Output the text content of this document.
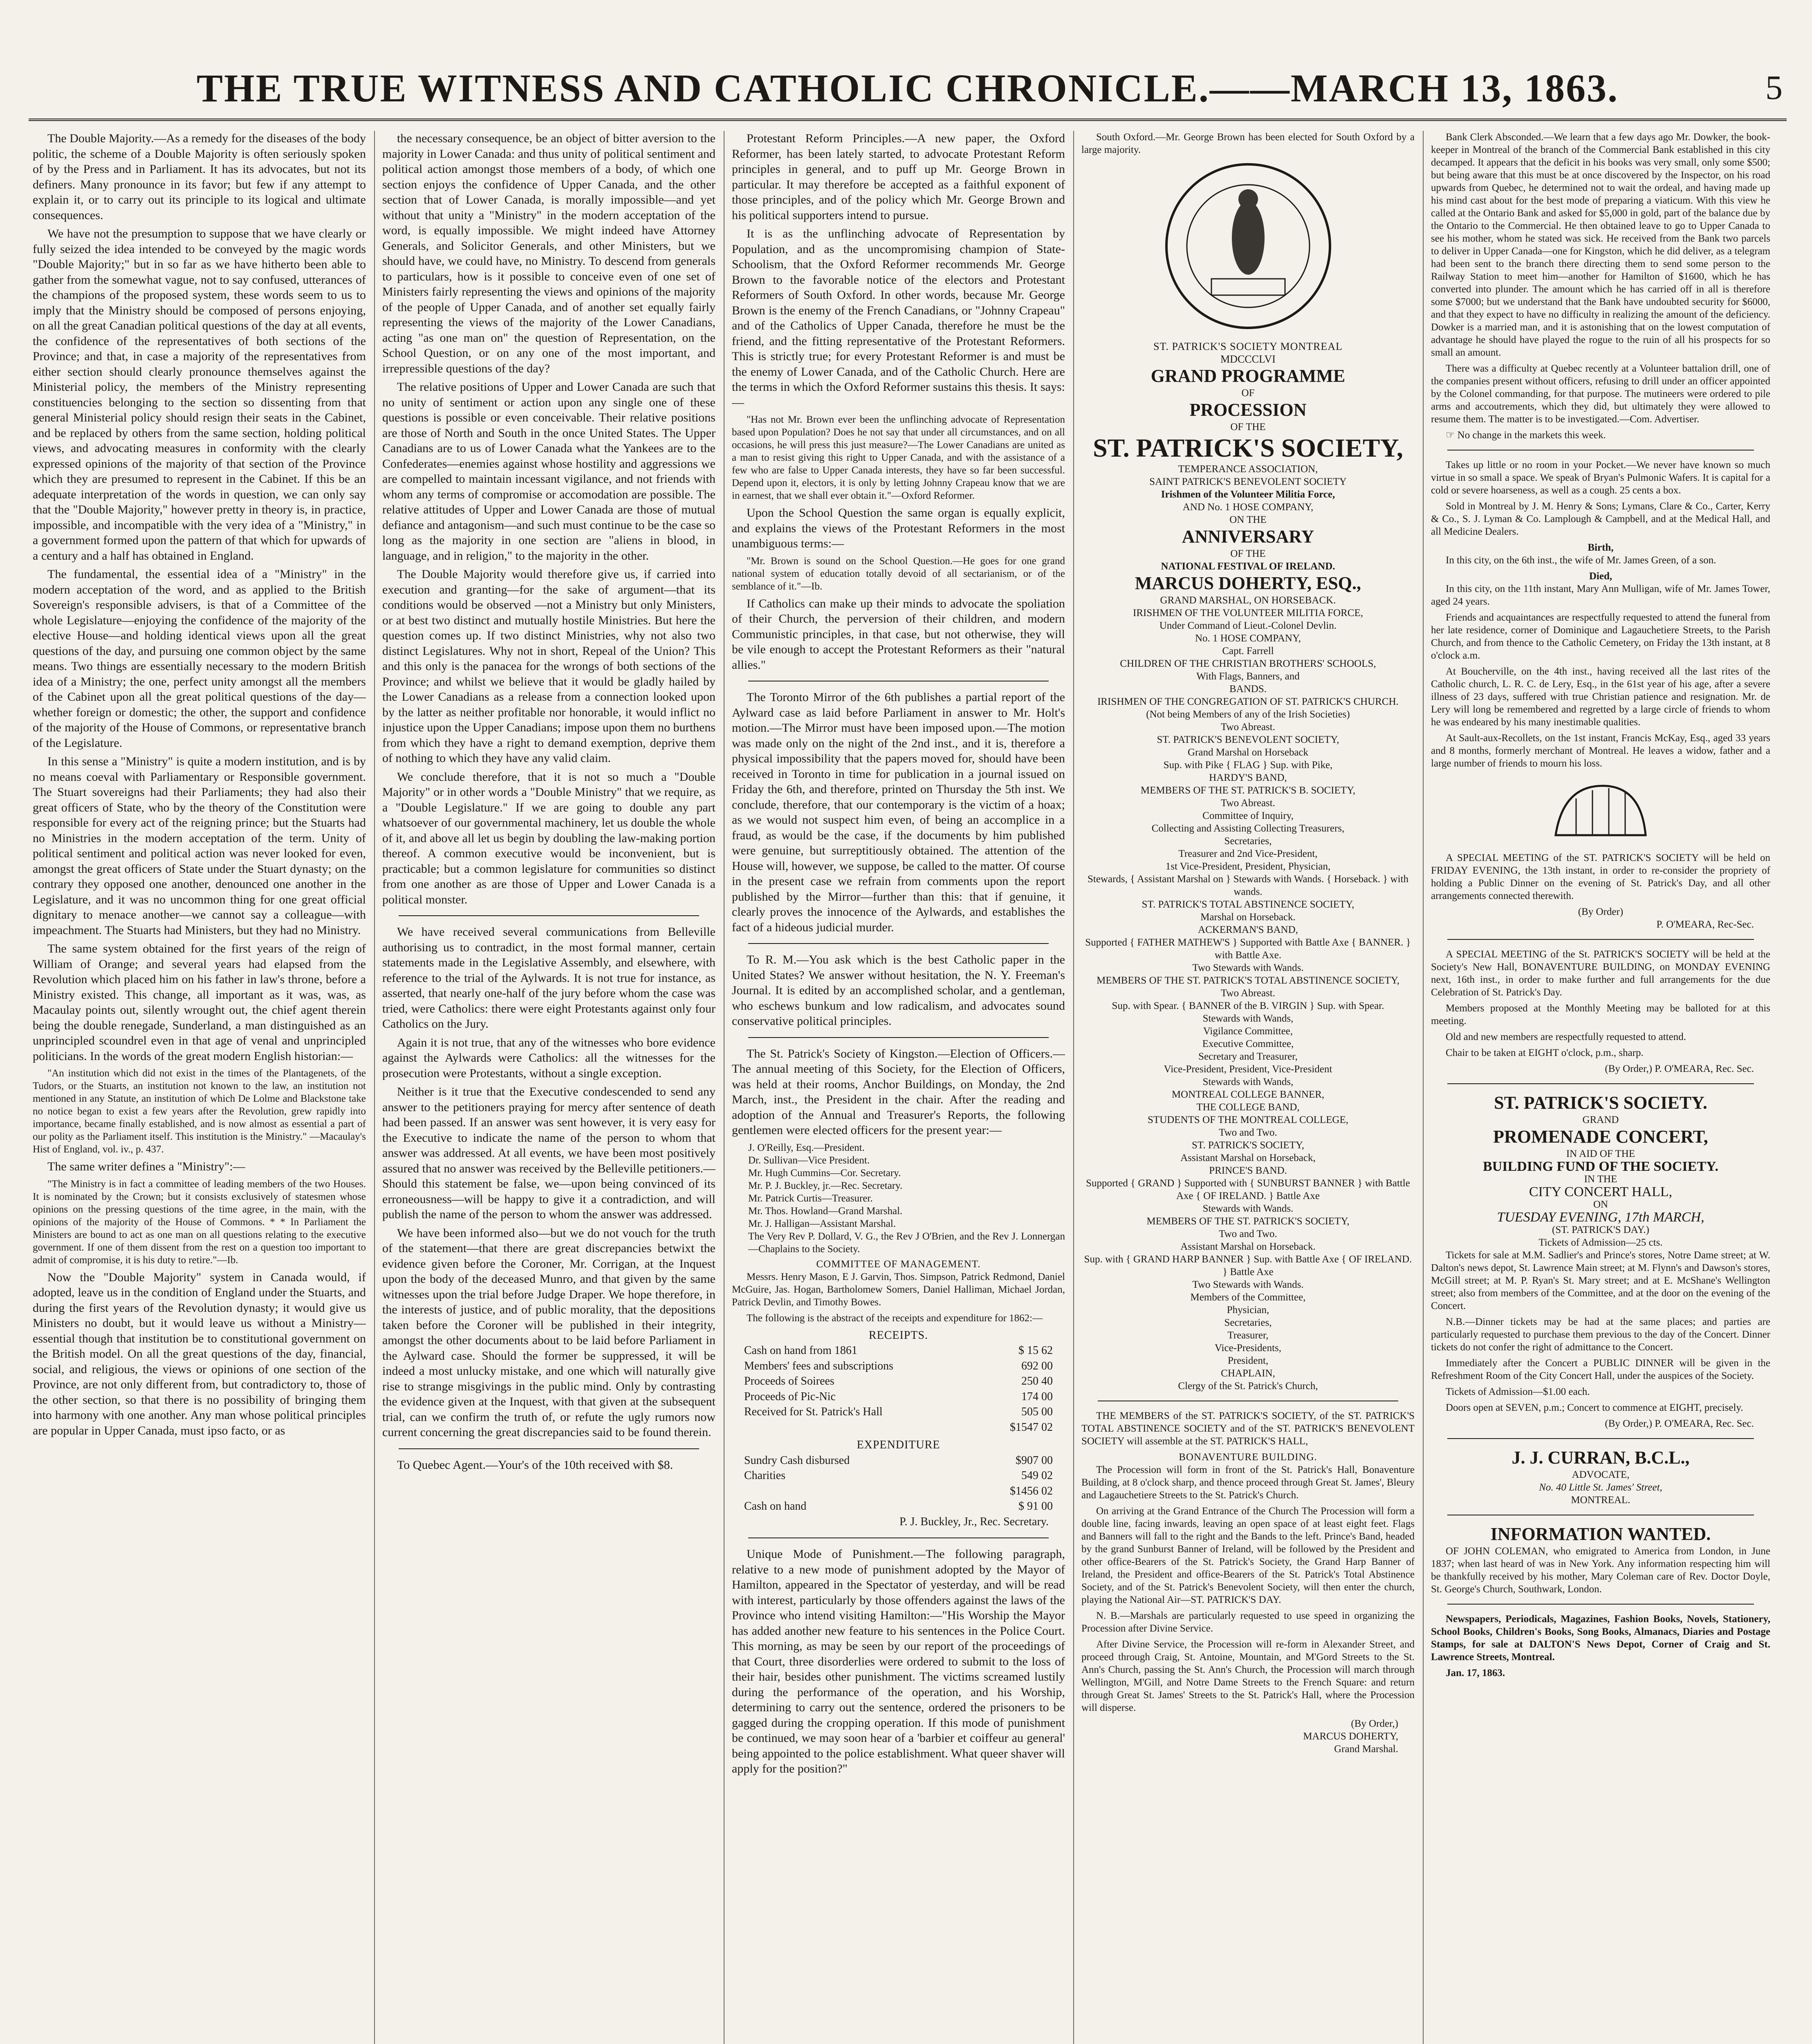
THE TRUE WITNESS AND CATHOLIC CHRONICLE.——MARCH 13, 1863.	5

The Double Majority.—As a remedy for the diseases of the body politic, the scheme of a Double Majority is often seriously spoken of by the Press and in Parliament. It has its advocates, but not its definers. Many pronounce in its favor; but few if any attempt to explain it, or to carry out its principle to its logical and ultimate consequences.

We have not the presumption to suppose that we have clearly or fully seized the idea intended to be conveyed by the magic words "Double Majority;" but in so far as we have hitherto been able to gather from the somewhat vague, not to say confused, utterances of the champions of the proposed system, these words seem to us to imply that the Ministry should be composed of persons enjoying, on all the great Canadian political questions of the day at all events, the confidence of the representatives of both sections of the Province; and that, in case a majority of the representatives from either section should clearly pronounce themselves against the Ministerial policy, the members of the Ministry representing constituencies belonging to the section so dissenting from that general Ministerial policy should resign their seats in the Cabinet, and be replaced by others from the same section, holding political views, and advocating measures in conformity with the clearly expressed opinions of the majority of that section of the Province which they are presumed to represent in the Cabinet. If this be an adequate interpretation of the words in question, we can only say that the "Double Majority," however pretty in theory is, in practice, impossible, and incompatible with the very idea of a "Ministry," in a government formed upon the pattern of that which for upwards of a century and a half has obtained in England.

The fundamental, the essential idea of a "Ministry" in the modern acceptation of the word, and as applied to the British Sovereign's responsible advisers, is that of a Committee of the whole Legislature—enjoying the confidence of the majority of the elective House—and holding identical views upon all the great questions of the day, and pursuing one common object by the same means. Two things are essentially necessary to the modern British idea of a Ministry; the one, perfect unity amongst all the members of the Cabinet upon all the great political questions of the day—whether foreign or domestic; the other, the support and confidence of the majority of the House of Commons, or representative branch of the Legislature.

In this sense a "Ministry" is quite a modern institution, and is by no means coeval with Parliamentary or Responsible government. The Stuart sovereigns had their Parliaments; they had also their great officers of State, who by the theory of the Constitution were responsible for every act of the reigning prince; but the Stuarts had no Ministries in the modern acceptation of the term. Unity of political sentiment and political action was never looked for even, amongst the great officers of State under the Stuart dynasty; on the contrary they opposed one another, denounced one another in the Legislature, and it was no uncommon thing for one great official dignitary to menace another—we cannot say a colleague—with impeachment. The Stuarts had Ministers, but they had no Ministry.

The same system obtained for the first years of the reign of William of Orange; and several years had elapsed from the Revolution which placed him on his father in law's throne, before a Ministry existed. This change, all important as it was, was, as Macaulay points out, silently wrought out, the chief agent therein being the double renegade, Sunderland, a man distinguished as an unprincipled scoundrel even in that age of venal and unprincipled politicians. In the words of the great modern English historian:—

"An institution which did not exist in the times of the Plantagenets, of the Tudors, or the Stuarts, an institution not known to the law, an institution not mentioned in any Statute, an institution of which De Lolme and Blackstone take no notice began to exist a few years after the Revolution, grew rapidly into importance, became finally established, and is now almost as essential a part of our polity as the Parliament itself. This institution is the Ministry." —Macaulay's Hist of England, vol. iv., p. 437.

The same writer defines a "Ministry":—

"The Ministry is in fact a committee of leading members of the two Houses. It is nominated by the Crown; but it consists exclusively of statesmen whose opinions on the pressing questions of the time agree, in the main, with the opinions of the majority of the House of Commons. * * In Parliament the Ministers are bound to act as one man on all questions relating to the executive government. If one of them dissent from the rest on a question too important to admit of compromise, it is his duty to retire."—Ib.

Now the "Double Majority" system in Canada would, if adopted, leave us in the condition of England under the Stuarts, and during the first years of the Revolution dynasty; it would give us Ministers no doubt, but it would leave us without a Ministry—essential though that institution be to constitutional government on the British model. On all the great questions of the day, financial, social, and religious, the views or opinions of one section of the Province, are not only different from, but contradictory to, those of the other section, so that there is no possibility of bringing them into harmony with one another. Any man whose political principles are popular in Upper Canada, must ipso facto, or as

the necessary consequence, be an object of bitter aversion to the majority in Lower Canada: and thus unity of political sentiment and political action amongst those members of a body, of which one section enjoys the confidence of Upper Canada, and the other section that of Lower Canada, is morally impossible—and yet without that unity a "Ministry" in the modern acceptation of the word, is equally impossible. We might indeed have Attorney Generals, and Solicitor Generals, and other Ministers, but we should have, we could have, no Ministry. To descend from generals to particulars, how is it possible to conceive even of one set of Ministers fairly representing the views and opinions of the majority of the people of Upper Canada, and of another set equally fairly representing the views of the majority of the Lower Canadians, acting "as one man on" the question of Representation, on the School Question, or on any one of the most important, and irrepressible questions of the day?

The relative positions of Upper and Lower Canada are such that no unity of sentiment or action upon any single one of these questions is possible or even conceivable. Their relative positions are those of North and South in the once United States. The Upper Canadians are to us of Lower Canada what the Yankees are to the Confederates—enemies against whose hostility and aggressions we are compelled to maintain incessant vigilance, and not friends with whom any terms of compromise or accomodation are possible. The relative attitudes of Upper and Lower Canada are those of mutual defiance and antagonism—and such must continue to be the case so long as the majority in one section are "aliens in blood, in language, and in religion," to the majority in the other.

The Double Majority would therefore give us, if carried into execution and granting—for the sake of argument—that its conditions would be observed —not a Ministry but only Ministers, or at best two distinct and mutually hostile Ministries. But here the question comes up. If two distinct Ministries, why not also two distinct Legislatures. Why not in short, Repeal of the Union? This and this only is the panacea for the wrongs of both sections of the Province; and whilst we believe that it would be gladly hailed by the Lower Canadians as a release from a connection looked upon by the latter as neither profitable nor honorable, it would inflict no injustice upon the Upper Canadians; impose upon them no burthens from which they have a right to demand exemption, deprive them of nothing to which they have any valid claim.

We conclude therefore, that it is not so much a "Double Majority" or in other words a "Double Ministry" that we require, as a "Double Legislature." If we are going to double any part whatsoever of our governmental machinery, let us double the whole of it, and above all let us begin by doubling the law-making portion thereof. A common executive would be inconvenient, but is practicable; but a common legislature for communities so distinct from one another as are those of Upper and Lower Canada is a political monster.

We have received several communications from Belleville authorising us to contradict, in the most formal manner, certain statements made in the Legislative Assembly, and elsewhere, with reference to the trial of the Aylwards. It is not true for instance, as asserted, that nearly one-half of the jury before whom the case was tried, were Catholics: there were eight Protestants against only four Catholics on the Jury.

Again it is not true, that any of the witnesses who bore evidence against the Aylwards were Catholics: all the witnesses for the prosecution were Protestants, without a single exception.

Neither is it true that the Executive condescended to send any answer to the petitioners praying for mercy after sentence of death had been passed. If an answer was sent however, it is very easy for the Executive to indicate the name of the person to whom that answer was addressed. At all events, we have been most positively assured that no answer was received by the Belleville petitioners.—Should this statement be false, we—upon being convinced of its erroneousness—will be happy to give it a contradiction, and will publish the name of the person to whom the answer was addressed.

We have been informed also—but we do not vouch for the truth of the statement—that there are great discrepancies betwixt the evidence given before the Coroner, Mr. Corrigan, at the Inquest upon the body of the deceased Munro, and that given by the same witnesses upon the trial before Judge Draper. We hope therefore, in the interests of justice, and of public morality, that the depositions taken before the Coroner will be published in their integrity, amongst the other documents about to be laid before Parliament in the Aylward case. Should the former be suppressed, it will be indeed a most unlucky mistake, and one which will naturally give rise to strange misgivings in the public mind. Only by contrasting the evidence given at the Inquest, with that given at the subsequent trial, can we confirm the truth of, or refute the ugly rumors now current concerning the great discrepancies said to be found therein.

To Quebec Agent.—Your's of the 10th received with $8.

Protestant Reform Principles.—A new paper, the Oxford Reformer, has been lately started, to advocate Protestant Reform principles in general, and to puff up Mr. George Brown in particular. It may therefore be accepted as a faithful exponent of those principles, and of the policy which Mr. George Brown and his political supporters intend to pursue.

It is as the unflinching advocate of Representation by Population, and as the uncompromising champion of State-Schoolism, that the Oxford Reformer recommends Mr. George Brown to the favorable notice of the electors and Protestant Reformers of South Oxford. In other words, because Mr. George Brown is the enemy of the French Canadians, or "Johnny Crapeau" and of the Catholics of Upper Canada, therefore he must be the friend, and the fitting representative of the Protestant Reformers. This is strictly true; for every Protestant Reformer is and must be the enemy of Lower Canada, and of the Catholic Church. Here are the terms in which the Oxford Reformer sustains this thesis. It says:—

"Has not Mr. Brown ever been the unflinching advocate of Representation based upon Population? Does he not say that under all circumstances, and on all occasions, he will press this just measure?—The Lower Canadians are united as a man to resist giving this right to Upper Canada, and with the assistance of a few who are false to Upper Canada interests, they have so far been successful. Depend upon it, electors, it is only by letting Johnny Crapeau know that we are in earnest, that we shall ever obtain it."—Oxford Reformer.

Upon the School Question the same organ is equally explicit, and explains the views of the Protestant Reformers in the most unambiguous terms:—

"Mr. Brown is sound on the School Question.—He goes for one grand national system of education totally devoid of all sectarianism, or of the semblance of it."—Ib.

If Catholics can make up their minds to advocate the spoliation of their Church, the perversion of their children, and modern Communistic principles, in that case, but not otherwise, they will be vile enough to accept the Protestant Reformers as their "natural allies."

The Toronto Mirror of the 6th publishes a partial report of the Aylward case as laid before Parliament in answer to Mr. Holt's motion.—The Mirror must have been imposed upon.—The motion was made only on the night of the 2nd inst., and it is, therefore a physical impossibility that the papers moved for, should have been received in Toronto in time for publication in a journal issued on Friday the 6th, and therefore, printed on Thursday the 5th inst. We conclude, therefore, that our contemporary is the victim of a hoax; as we would not suspect him even, of being an accomplice in a fraud, as would be the case, if the documents by him published were genuine, but surreptitiously obtained. The attention of the House will, however, we suppose, be called to the matter. Of course in the present case we refrain from comments upon the report published by the Mirror—further than this: that if genuine, it clearly proves the innocence of the Aylwards, and establishes the fact of a hideous judicial murder.

To R. M.—You ask which is the best Catholic paper in the United States? We answer without hesitation, the N. Y. Freeman's Journal. It is edited by an accomplished scholar, and a gentleman, who eschews bunkum and low radicalism, and advocates sound conservative political principles.

The St. Patrick's Society of Kingston.—Election of Officers.—The annual meeting of this Society, for the Election of Officers, was held at their rooms, Anchor Buildings, on Monday, the 2nd March, inst., the President in the chair. After the reading and adoption of the Annual and Treasurer's Reports, the following gentlemen were elected officers for the present year:—

J. O'Reilly, Esq.—President.
Dr. Sullivan—Vice President.
Mr. Hugh Cummins—Cor. Secretary.
Mr. P. J. Buckley, jr.—Rec. Secretary.
Mr. Patrick Curtis—Treasurer.
Mr. Thos. Howland—Grand Marshal.
Mr. J. Halligan—Assistant Marshal.
The Very Rev P. Dollard, V. G., the Rev J O'Brien, and the Rev J. Lonnergan—Chaplains to the Society.
COMMITTEE OF MANAGEMENT.

Messrs. Henry Mason, E J. Garvin, Thos. Simpson, Patrick Redmond, Daniel McGuire, Jas. Hogan, Bartholomew Somers, Daniel Halliman, Michael Jordan, Patrick Devlin, and Timothy Bowes.

The following is the abstract of the receipts and expenditure for 1862:—

RECEIPTS.
Cash on hand from 1861	$ 15 62
Members' fees and subscriptions	692 00
Proceeds of Soirees	250 40
Proceeds of Pic-Nic	174 00
Received for St. Patrick's Hall	505 00
$1547 02
EXPENDITURE
Sundry Cash disbursed	$907 00
Charities	549 02
$1456 02
Cash on hand	$ 91 00
P. J. Buckley, Jr., Rec. Secretary.

Unique Mode of Punishment.—The following paragraph, relative to a new mode of punishment adopted by the Mayor of Hamilton, appeared in the Spectator of yesterday, and will be read with interest, particularly by those offenders against the laws of the Province who intend visiting Hamilton:—"His Worship the Mayor has added another new feature to his sentences in the Police Court. This morning, as may be seen by our report of the proceedings of that Court, three disorderlies were ordered to submit to the loss of their hair, besides other punishment. The victims screamed lustily during the performance of the operation, and his Worship, determining to carry out the sentence, ordered the prisoners to be gagged during the cropping operation. If this mode of punishment be continued, we may soon hear of a 'barbier et coiffeur au general' being appointed to the police establishment. What queer shaver will apply for the position?"

South Oxford.—Mr. George Brown has been elected for South Oxford by a large majority.

ST. PATRICK'S SOCIETY MONTREAL
MDCCCLVI
GRAND PROGRAMME
OF
PROCESSION
OF THE
ST. PATRICK'S SOCIETY,
TEMPERANCE ASSOCIATION,
SAINT PATRICK'S BENEVOLENT SOCIETY
Irishmen of the Volunteer Militia Force,
AND No. 1 HOSE COMPANY,
ON THE
ANNIVERSARY
OF THE
NATIONAL FESTIVAL OF IRELAND.
MARCUS DOHERTY, ESQ.,
GRAND MARSHAL, ON HORSEBACK.
IRISHMEN OF THE VOLUNTEER MILITIA FORCE,
Under Command of Lieut.-Colonel Devlin.
No. 1 HOSE COMPANY,
Capt. Farrell
CHILDREN OF THE CHRISTIAN BROTHERS' SCHOOLS,
With Flags, Banners, and
BANDS.
IRISHMEN OF THE CONGREGATION OF ST. PATRICK'S CHURCH.
(Not being Members of any of the Irish Societies)
Two Abreast.
ST. PATRICK'S BENEVOLENT SOCIETY,
Grand Marshal on Horseback
Sup. with Pike { FLAG } Sup. with Pike,
HARDY'S BAND,
MEMBERS OF THE ST. PATRICK'S B. SOCIETY,
Two Abreast.
Committee of Inquiry,
Collecting and Assisting Collecting Treasurers,
Secretaries,
Treasurer and 2nd Vice-President,
1st Vice-President, President, Physician,
Stewards, { Assistant Marshal on } Stewards with Wands. { Horseback. } with wands.
ST. PATRICK'S TOTAL ABSTINENCE SOCIETY,
Marshal on Horseback.
ACKERMAN'S BAND,
Supported { FATHER MATHEW'S } Supported with Battle Axe { BANNER. } with Battle Axe.
Two Stewards with Wands.
MEMBERS OF THE ST. PATRICK'S TOTAL ABSTINENCE SOCIETY,
Two Abreast.
Sup. with Spear. { BANNER of the B. VIRGIN } Sup. with Spear.
Stewards with Wands,
Vigilance Committee,
Executive Committee,
Secretary and Treasurer,
Vice-President, President, Vice-President
Stewards with Wands,
MONTREAL COLLEGE BANNER,
THE COLLEGE BAND,
STUDENTS OF THE MONTREAL COLLEGE,
Two and Two.
ST. PATRICK'S SOCIETY,
Assistant Marshal on Horseback,
PRINCE'S BAND.
Supported { GRAND } Supported with { SUNBURST BANNER } with Battle Axe { OF IRELAND. } Battle Axe
Stewards with Wands.
MEMBERS OF THE ST. PATRICK'S SOCIETY,
Two and Two.
Assistant Marshal on Horseback.
Sup. with { GRAND HARP BANNER } Sup. with Battle Axe { OF IRELAND. } Battle Axe
Two Stewards with Wands.
Members of the Committee,
Physician,
Secretaries,
Treasurer,
Vice-Presidents,
President,
CHAPLAIN,
Clergy of the St. Patrick's Church,

THE MEMBERS of the ST. PATRICK'S SOCIETY, of the ST. PATRICK'S TOTAL ABSTINENCE SOCIETY and of the ST. PATRICK'S BENEVOLENT SOCIETY will assemble at the ST. PATRICK'S HALL,

BONAVENTURE BUILDING.

The Procession will form in front of the St. Patrick's Hall, Bonaventure Building, at 8 o'clock sharp, and thence proceed through Great St. James', Bleury and Lagauchetiere Streets to the St. Patrick's Church.

On arriving at the Grand Entrance of the Church The Procession will form a double line, facing inwards, leaving an open space of at least eight feet. Flags and Banners will fall to the right and the Bands to the left. Prince's Band, headed by the grand Sunburst Banner of Ireland, will be followed by the President and other office-Bearers of the St. Patrick's Society, the Grand Harp Banner of Ireland, the President and office-Bearers of the St. Patrick's Total Abstinence Society, and of the St. Patrick's Benevolent Society, will then enter the church, playing the National Air—ST. PATRICK'S DAY.

N. B.—Marshals are particularly requested to use speed in organizing the Procession after Divine Service.

After Divine Service, the Procession will re-form in Alexander Street, and proceed through Craig, St. Antoine, Mountain, and M'Gord Streets to the St. Ann's Church, passing the St. Ann's Church, the Procession will march through Wellington, M'Gill, and Notre Dame Streets to the French Square: and return through Great St. James' Streets to the St. Patrick's Hall, where the Procession will disperse.

(By Order,)
MARCUS DOHERTY,
Grand Marshal.

Bank Clerk Absconded.—We learn that a few days ago Mr. Dowker, the book-keeper in Montreal of the branch of the Commercial Bank established in this city decamped. It appears that the deficit in his books was very small, only some $500; but being aware that this must be at once discovered by the Inspector, on his road upwards from Quebec, he determined not to wait the ordeal, and having made up his mind cast about for the best mode of preparing a viaticum. With this view he called at the Ontario Bank and asked for $5,000 in gold, part of the balance due by the Ontario to the Commercial. He then obtained leave to go to Upper Canada to see his mother, whom he stated was sick. He received from the Bank two parcels to deliver in Upper Canada—one for Kingston, which he did deliver, as a telegram had been sent to the branch there directing them to send some person to the Railway Station to meet him—another for Hamilton of $1600, which he has converted into plunder. The amount which he has carried off in all is therefore some $7000; but we understand that the Bank have undoubted security for $6000, and that they expect to have no difficulty in realizing the amount of the deficiency. Dowker is a married man, and it is astonishing that on the lowest computation of advantage he should have played the rogue to the ruin of all his prospects for so small an amount.

There was a difficulty at Quebec recently at a Volunteer battalion drill, one of the companies present without officers, refusing to drill under an officer appointed by the Colonel commanding, for that purpose. The mutineers were ordered to pile arms and accoutrements, which they did, but ultimately they were allowed to resume them. The matter is to be investigated.—Com. Advertiser.

☞ No change in the markets this week.

Takes up little or no room in your Pocket.—We never have known so much virtue in so small a space. We speak of Bryan's Pulmonic Wafers. It is capital for a cold or severe hoarseness, as well as a cough. 25 cents a box.

Sold in Montreal by J. M. Henry & Sons; Lymans, Clare & Co., Carter, Kerry & Co., S. J. Lyman & Co. Lamplough & Campbell, and at the Medical Hall, and all Medicine Dealers.

Birth,

In this city, on the 6th inst., the wife of Mr. James Green, of a son.

Died,

In this city, on the 11th instant, Mary Ann Mulligan, wife of Mr. James Tower, aged 24 years.

Friends and acquaintances are respectfully requested to attend the funeral from her late residence, corner of Dominique and Lagauchetiere Streets, to the Parish Church, and from thence to the Catholic Cemetery, on Friday the 13th instant, at 8 o'clock a.m.

At Boucherville, on the 4th inst., having received all the last rites of the Catholic church, L. R. C. de Lery, Esq., in the 61st year of his age, after a severe illness of 23 days, suffered with true Christian patience and resignation. Mr. de Lery will long be remembered and regretted by a large circle of friends to whom he was endeared by his many inestimable qualities.

At Sault-aux-Recollets, on the 1st instant, Francis McKay, Esq., aged 33 years and 8 months, formerly merchant of Montreal. He leaves a widow, father and a large number of friends to mourn his loss.

A SPECIAL MEETING of the ST. PATRICK'S SOCIETY will be held on FRIDAY EVENING, the 13th instant, in order to re-consider the propriety of holding a Public Dinner on the evening of St. Patrick's Day, and all other arrangements connected therewith.

(By Order)
P. O'MEARA, Rec-Sec.

A SPECIAL MEETING of the St. PATRICK'S SOCIETY will be held at the Society's New Hall, BONAVENTURE BUILDING, on MONDAY EVENING next, 16th inst., in order to make further and full arrangements for the due Celebration of St. Patrick's Day.

Members proposed at the Monthly Meeting may be balloted for at this meeting.

Old and new members are respectfully requested to attend.

Chair to be taken at EIGHT o'clock, p.m., sharp.

(By Order,) P. O'MEARA, Rec. Sec.
ST. PATRICK'S SOCIETY.
GRAND
PROMENADE CONCERT,
IN AID OF THE
BUILDING FUND OF THE SOCIETY.
IN THE
CITY CONCERT HALL,
ON
TUESDAY EVENING, 17th MARCH,
(ST. PATRICK'S DAY.)
Tickets of Admission—25 cts.

Tickets for sale at M.M. Sadlier's and Prince's stores, Notre Dame street; at W. Dalton's news depot, St. Lawrence Main street; at M. Flynn's and Dawson's stores, McGill street; at M. P. Ryan's St. Mary street; and at E. McShane's Wellington street; also from members of the Committee, and at the door on the evening of the Concert.

N.B.—Dinner tickets may be had at the same places; and parties are particularly requested to purchase them previous to the day of the Concert. Dinner tickets do not confer the right of admittance to the Concert.

Immediately after the Concert a PUBLIC DINNER will be given in the Refreshment Room of the City Concert Hall, under the auspices of the Society.

Tickets of Admission—$1.00 each.

Doors open at SEVEN, p.m.; Concert to commence at EIGHT, precisely.

(By Order,) P. O'MEARA, Rec. Sec.
J. J. CURRAN, B.C.L.,
ADVOCATE,
No. 40 Little St. James' Street,
MONTREAL.
INFORMATION WANTED.

OF JOHN COLEMAN, who emigrated to America from London, in June 1837; when last heard of was in New York. Any information respecting him will be thankfully received by his mother, Mary Coleman care of Rev. Doctor Doyle, St. George's Church, Southwark, London.

Newspapers, Periodicals, Magazines, Fashion Books, Novels, Stationery, School Books, Children's Books, Song Books, Almanacs, Diaries and Postage Stamps, for sale at DALTON'S News Depot, Corner of Craig and St. Lawrence Streets, Montreal.

Jan. 17, 1863.
